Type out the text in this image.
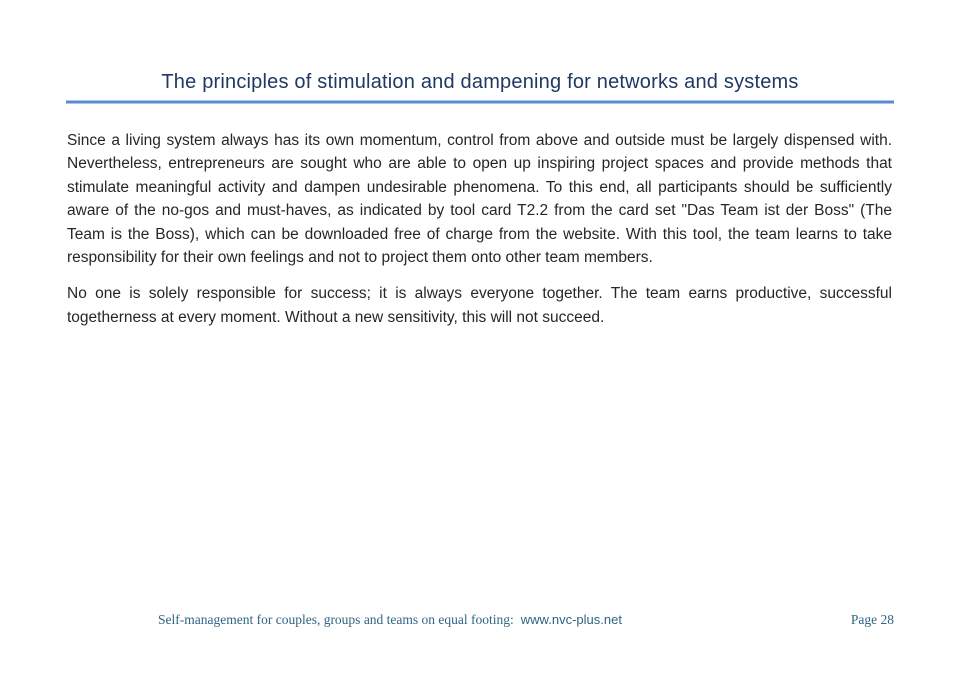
The principles of stimulation and dampening for networks and systems

Since a living system always has its own momentum, control from above and outside must be largely dispensed with. Nevertheless, entrepreneurs are sought who are able to open up inspiring project spaces and provide methods that stimulate meaningful activity and dampen undesirable phenomena. To this end, all participants should be sufficiently aware of the no-gos and must-haves, as indicated by tool card T2.2 from the card set "Das Team ist der Boss" (The Team is the Boss), which can be downloaded free of charge from the website. With this tool, the team learns to take responsibility for their own feelings and not to project them onto other team members.

No one is solely responsible for success; it is always everyone together. The team earns productive, successful togetherness at every moment. Without a new sensitivity, this will not succeed.

Self-management for couples, groups and teams on equal footing: www.nvc-plus.net	Page 28
